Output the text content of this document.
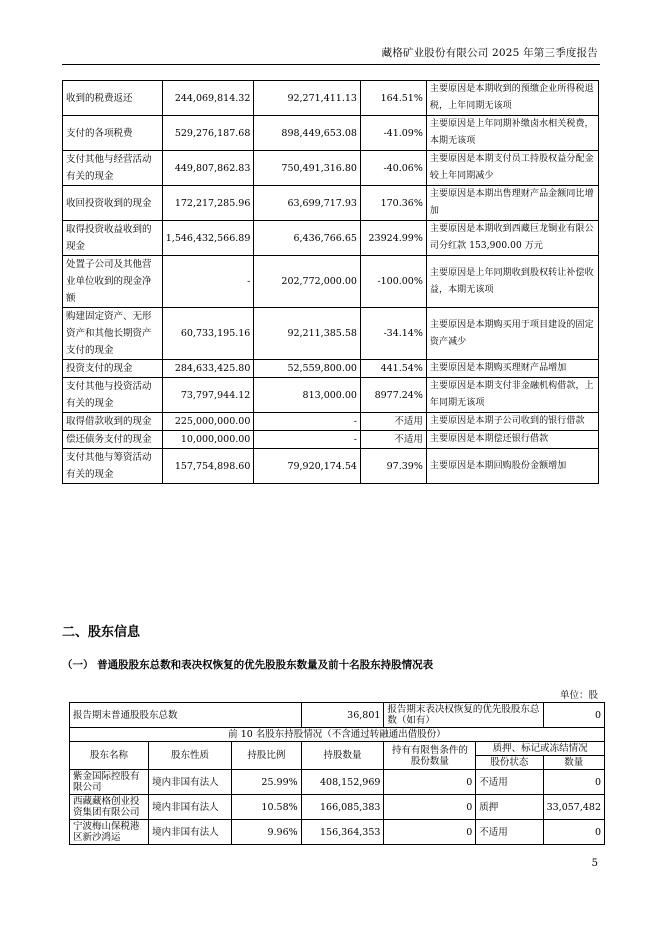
藏格矿业股份有限公司 2025 年第三季度报告
收到的税费返还	244,069,814.32	92,271,411.13	164.51%	主要原因是本期收到的预缴企业所得税退税，上年同期无该项
支付的各项税费	529,276,187.68	898,449,653.08	-41.09%	主要原因是上年同期补缴卤水相关税费，本期无该项
支付其他与经营活动有关的现金	449,807,862.83	750,491,316.80	-40.06%	主要原因是本期支付员工持股权益分配金较上年同期减少
收回投资收到的现金	172,217,285.96	63,699,717.93	170.36%	主要原因是本期出售理财产品金额同比增加
取得投资收益收到的现金	1,546,432,566.89	6,436,766.65	23924.99%	主要原因是本期收到西藏巨龙铜业有限公司分红款 153,900.00 万元
处置子公司及其他营业单位收到的现金净额	-	202,772,000.00	-100.00%	主要原因是上年同期收到股权转让补偿收益，本期无该项
购建固定资产、无形资产和其他长期资产支付的现金	60,733,195.16	92,211,385.58	-34.14%	主要原因是本期购买用于项目建设的固定资产减少
投资支付的现金	284,633,425.80	52,559,800.00	441.54%	主要原因是本期购买理财产品增加
支付其他与投资活动有关的现金	73,797,944.12	813,000.00	8977.24%	主要原因是本期支付非金融机构借款，上年同期无该项
取得借款收到的现金	225,000,000.00	-	不适用	主要原因是本期子公司收到的银行借款
偿还债务支付的现金	10,000,000.00	-	不适用	主要原因是本期偿还银行借款
支付其他与筹资活动有关的现金	157,754,898.60	79,920,174.54	97.39%	主要原因是本期回购股份金额增加
二、股东信息
（一） 普通股股东总数和表决权恢复的优先股股东数量及前十名股东持股情况表
单位：股
报告期末普通股股东总数			36,801	报告期末表决权恢复的优先股股东总数（如有）		0
前 10 名股东持股情况（不含通过转融通出借股份）						
股东名称	股东性质	持股比例	持股数量	持有有限售条件的股份数量	质押、标记或冻结情况	
					股份状态	数量
紫金国际控股有限公司	境内非国有法人	25.99%	408,152,969	0	不适用	0
西藏藏格创业投资集团有限公司	境内非国有法人	10.58%	166,085,383	0	质押	33,057,482
宁波梅山保税港区新沙鸿运	境内非国有法人	9.96%	156,364,353	0	不适用	0
5
